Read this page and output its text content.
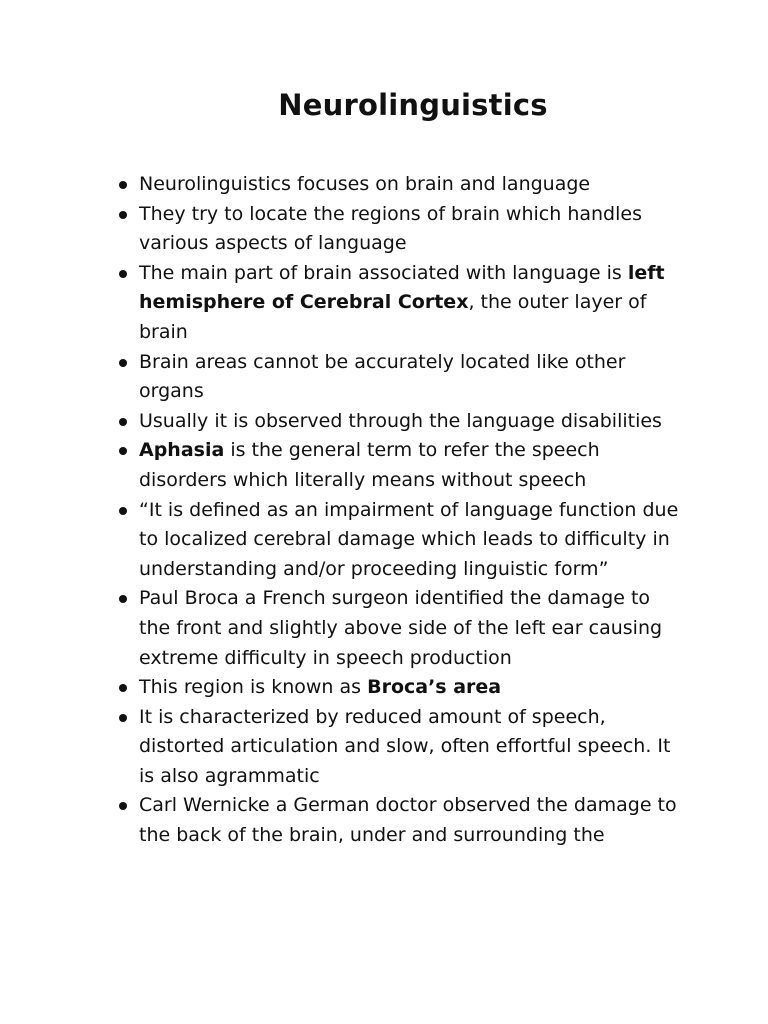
Neurolinguistics
Neurolinguistics focuses on brain and language
They try to locate the regions of brain which handles various aspects of language
The main part of brain associated with language is left hemisphere of Cerebral Cortex, the outer layer of brain
Brain areas cannot be accurately located like other organs
Usually it is observed through the language disabilities
Aphasia is the general term to refer the speech disorders which literally means without speech
“It is defined as an impairment of language function due to localized cerebral damage which leads to difficulty in understanding and/or proceeding linguistic form”
Paul Broca a French surgeon identified the damage to the front and slightly above side of the left ear causing extreme difficulty in speech production
This region is known as Broca’s area
It is characterized by reduced amount of speech, distorted articulation and slow, often effortful speech. It is also agrammatic
Carl Wernicke a German doctor observed the damage to the back of the brain, under and surrounding the
